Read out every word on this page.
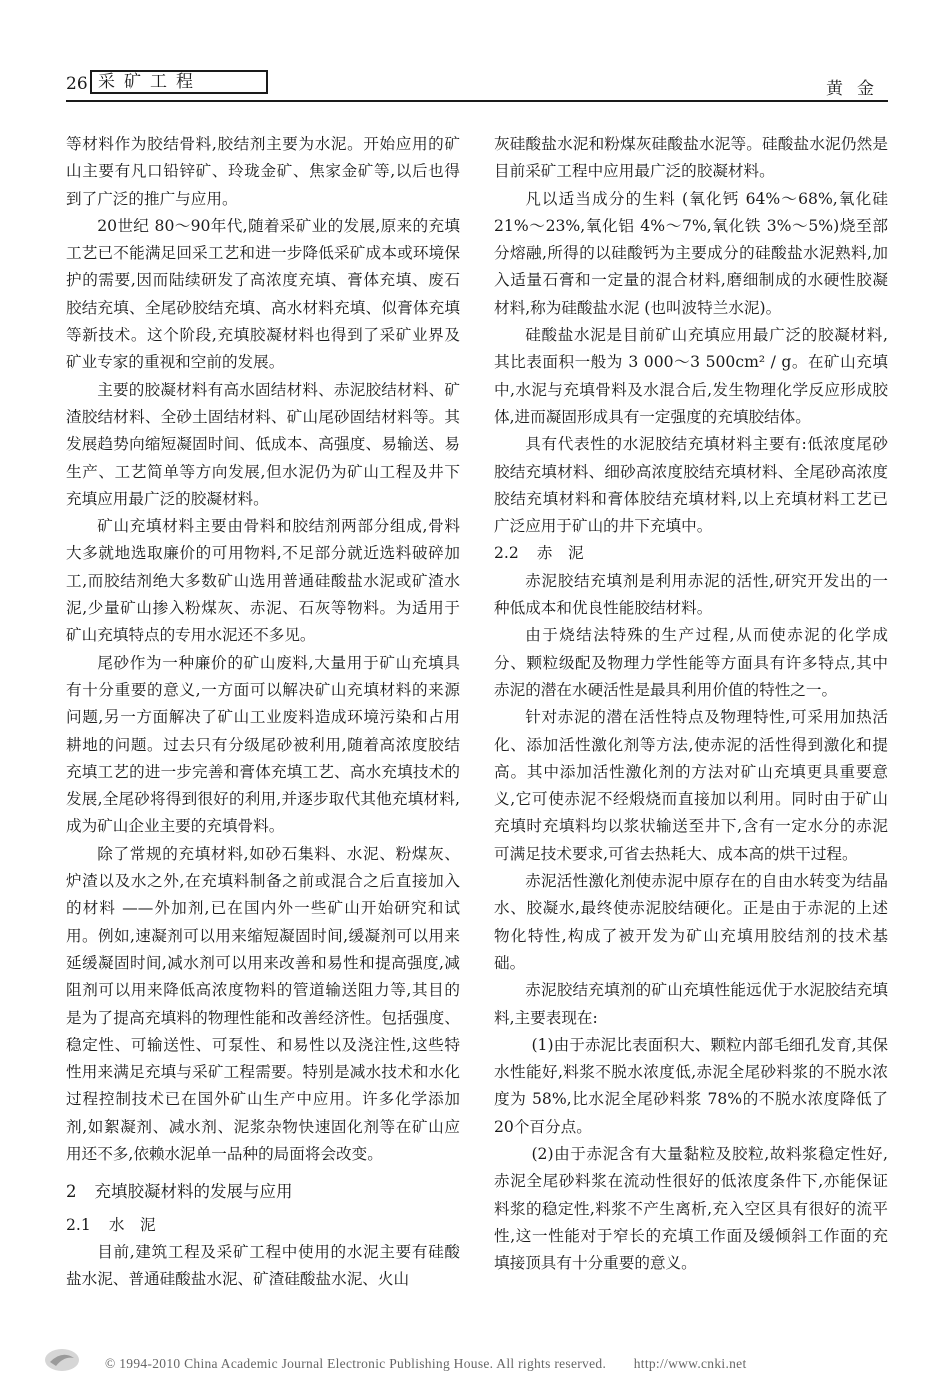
26 采矿工程	黄金

等材料作为胶结骨料,胶结剂主要为水泥。开始应用的矿山主要有凡口铅锌矿、玲珑金矿、焦家金矿等,以后也得到了广泛的推广与应用。

20世纪 80～90年代,随着采矿业的发展,原来的充填工艺已不能满足回采工艺和进一步降低采矿成本或环境保护的需要,因而陆续研发了高浓度充填、膏体充填、废石胶结充填、全尾砂胶结充填、高水材料充填、似膏体充填等新技术。这个阶段,充填胶凝材料也得到了采矿业界及矿业专家的重视和空前的发展。

主要的胶凝材料有高水固结材料、赤泥胶结材料、矿渣胶结材料、全砂土固结材料、矿山尾砂固结材料等。其发展趋势向缩短凝固时间、低成本、高强度、易输送、易生产、工艺简单等方向发展,但水泥仍为矿山工程及井下充填应用最广泛的胶凝材料。

矿山充填材料主要由骨料和胶结剂两部分组成,骨料大多就地选取廉价的可用物料,不足部分就近选料破碎加工,而胶结剂绝大多数矿山选用普通硅酸盐水泥或矿渣水泥,少量矿山掺入粉煤灰、赤泥、石灰等物料。为适用于矿山充填特点的专用水泥还不多见。

尾砂作为一种廉价的矿山废料,大量用于矿山充填具有十分重要的意义,一方面可以解决矿山充填材料的来源问题,另一方面解决了矿山工业废料造成环境污染和占用耕地的问题。过去只有分级尾砂被利用,随着高浓度胶结充填工艺的进一步完善和膏体充填工艺、高水充填技术的发展,全尾砂将得到很好的利用,并逐步取代其他充填材料,成为矿山企业主要的充填骨料。

除了常规的充填材料,如砂石集料、水泥、粉煤灰、炉渣以及水之外,在充填料制备之前或混合之后直接加入的材料 ——外加剂,已在国内外一些矿山开始研究和试用。例如,速凝剂可以用来缩短凝固时间,缓凝剂可以用来延缓凝固时间,减水剂可以用来改善和易性和提高强度,减阻剂可以用来降低高浓度物料的管道输送阻力等,其目的是为了提高充填料的物理性能和改善经济性。包括强度、稳定性、可输送性、可泵性、和易性以及浇注性,这些特性用来满足充填与采矿工程需要。特别是减水技术和水化过程控制技术已在国外矿山生产中应用。许多化学添加剂,如絮凝剂、减水剂、泥浆杂物快速固化剂等在矿山应用还不多,依赖水泥单一品种的局面将会改变。

2 充填胶凝材料的发展与应用
2.1 水　泥

目前,建筑工程及采矿工程中使用的水泥主要有硅酸盐水泥、普通硅酸盐水泥、矿渣硅酸盐水泥、火山

灰硅酸盐水泥和粉煤灰硅酸盐水泥等。硅酸盐水泥仍然是目前采矿工程中应用最广泛的胶凝材料。

凡以适当成分的生料 (氧化钙 64%～68%,氧化硅 21%～23%,氧化铝 4%～7%,氧化铁 3%～5%)烧至部分熔融,所得的以硅酸钙为主要成分的硅酸盐水泥熟料,加入适量石膏和一定量的混合材料,磨细制成的水硬性胶凝材料,称为硅酸盐水泥 (也叫波特兰水泥)。

硅酸盐水泥是目前矿山充填应用最广泛的胶凝材料,其比表面积一般为 3 000～3 500cm² / g。在矿山充填中,水泥与充填骨料及水混合后,发生物理化学反应形成胶体,进而凝固形成具有一定强度的充填胶结体。

具有代表性的水泥胶结充填材料主要有:低浓度尾砂胶结充填材料、细砂高浓度胶结充填材料、全尾砂高浓度胶结充填材料和膏体胶结充填材料,以上充填材料工艺已广泛应用于矿山的井下充填中。

2.2 赤　泥

赤泥胶结充填剂是利用赤泥的活性,研究开发出的一种低成本和优良性能胶结材料。

由于烧结法特殊的生产过程,从而使赤泥的化学成分、颗粒级配及物理力学性能等方面具有许多特点,其中赤泥的潜在水硬活性是最具利用价值的特性之一。

针对赤泥的潜在活性特点及物理特性,可采用加热活化、添加活性激化剂等方法,使赤泥的活性得到激化和提高。其中添加活性激化剂的方法对矿山充填更具重要意义,它可使赤泥不经煅烧而直接加以利用。同时由于矿山充填时充填料均以浆状输送至井下,含有一定水分的赤泥可满足技术要求,可省去热耗大、成本高的烘干过程。

赤泥活性激化剂使赤泥中原存在的自由水转变为结晶水、胶凝水,最终使赤泥胶结硬化。正是由于赤泥的上述物化特性,构成了被开发为矿山充填用胶结剂的技术基础。

赤泥胶结充填剂的矿山充填性能远优于水泥胶结充填料,主要表现在:

(1)由于赤泥比表面积大、颗粒内部毛细孔发育,其保水性能好,料浆不脱水浓度低,赤泥全尾砂料浆的不脱水浓度为 58%,比水泥全尾砂料浆 78%的不脱水浓度降低了 20个百分点。

(2)由于赤泥含有大量黏粒及胶粒,故料浆稳定性好,赤泥全尾砂料浆在流动性很好的低浓度条件下,亦能保证料浆的稳定性,料浆不产生离析,充入空区具有很好的流平性,这一性能对于窄长的充填工作面及缓倾斜工作面的充填接顶具有十分重要的意义。

© 1994-2010 China Academic Journal Electronic Publishing House. All rights reserved.　　http://www.cnki.net
